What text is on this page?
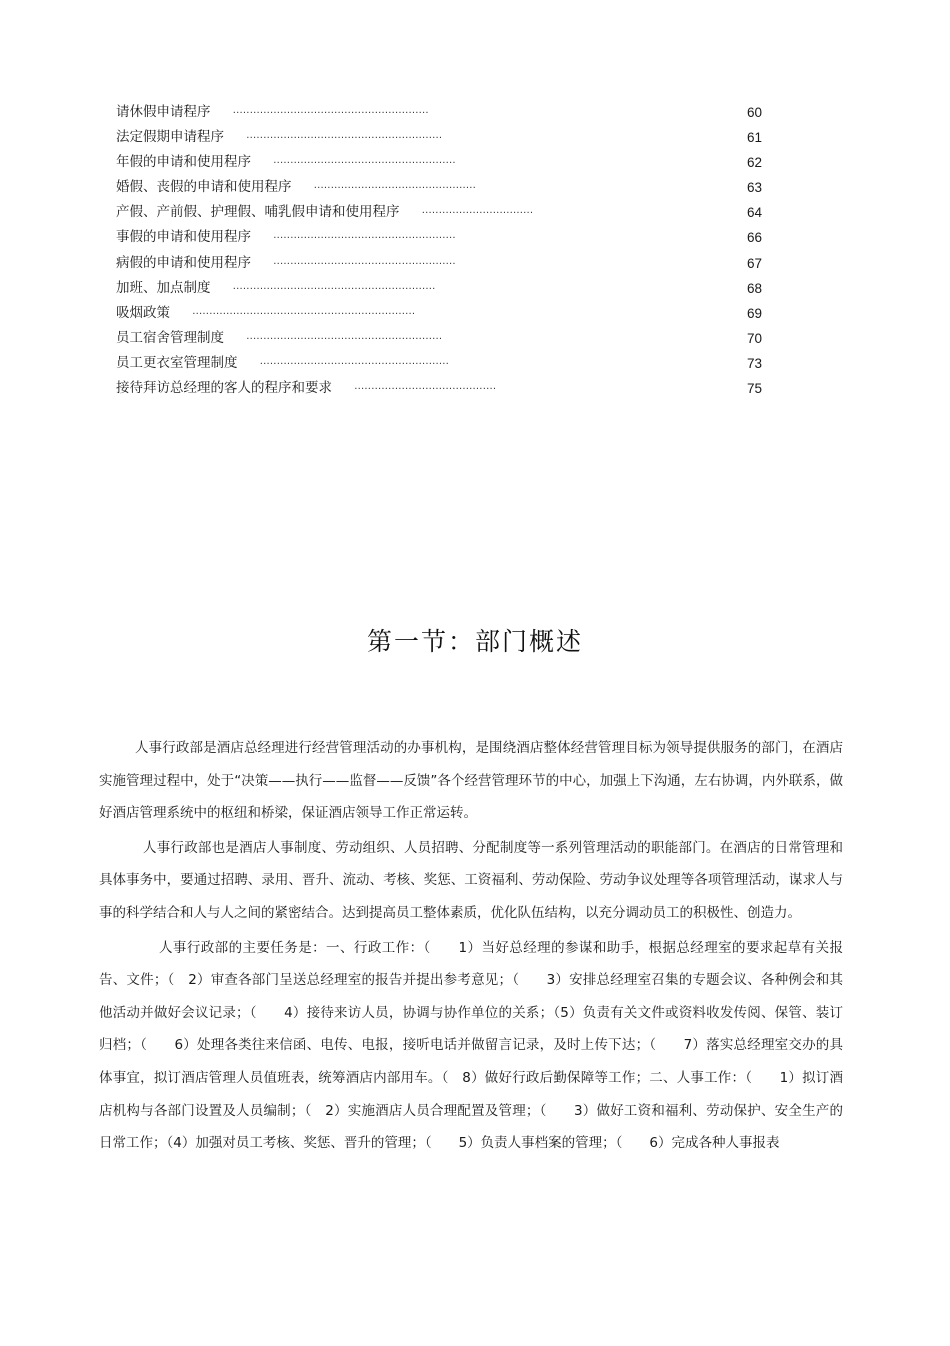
请休假申请程序 ..........................................................	60
法定假期申请程序 ..........................................................	61
年假的申请和使用程序 ......................................................	62
婚假、丧假的申请和使用程序 ................................................	63
产假、产前假、护理假、哺乳假申请和使用程序 .................................	64
事假的申请和使用程序 ......................................................	66
病假的申请和使用程序 ......................................................	67
加班、加点制度 ............................................................	68
吸烟政策 ..................................................................	69
员工宿舍管理制度 ..........................................................	70
员工更衣室管理制度 ........................................................	73
接待拜访总经理的客人的程序和要求 ..........................................	75
第一节：部门概述

人事行政部是酒店总经理进行经营管理活动的办事机构，是围绕酒店整体经营管理目标为领导提供服务的部门，在酒店实施管理过程中，处于“决策——执行——监督——反馈”各个经营管理环节的中心，加强上下沟通，左右协调，内外联系，做好酒店管理系统中的枢纽和桥梁，保证酒店领导工作正常运转。

人事行政部也是酒店人事制度、劳动组织、人员招聘、分配制度等一系列管理活动的职能部门。在酒店的日常管理和具体事务中，要通过招聘、录用、晋升、流动、考核、奖惩、工资福利、劳动保险、劳动争议处理等各项管理活动，谋求人与事的科学结合和人与人之间的紧密结合。达到提高员工整体素质，优化队伍结构，以充分调动员工的积极性、创造力。

人事行政部的主要任务是：一、行政工作：（　　1）当好总经理的参谋和助手，根据总经理室的要求起草有关报告、文件；（　2）审查各部门呈送总经理室的报告并提出参考意见；（　　3）安排总经理室召集的专题会议、各种例会和其他活动并做好会议记录；（　　4）接待来访人员，协调与协作单位的关系；（5）负责有关文件或资料收发传阅、保管、装订归档；（　　6）处理各类往来信函、电传、电报，接听电话并做留言记录，及时上传下达；（　　7）落实总经理室交办的具体事宜，拟订酒店管理人员值班表，统筹酒店内部用车。（　8）做好行政后勤保障等工作；二、人事工作：（　　1）拟订酒店机构与各部门设置及人员编制；（　2）实施酒店人员合理配置及管理；（　　3）做好工资和福利、劳动保护、安全生产的日常工作；（4）加强对员工考核、奖惩、晋升的管理；（　　5）负责人事档案的管理；（　　6）完成各种人事报表
